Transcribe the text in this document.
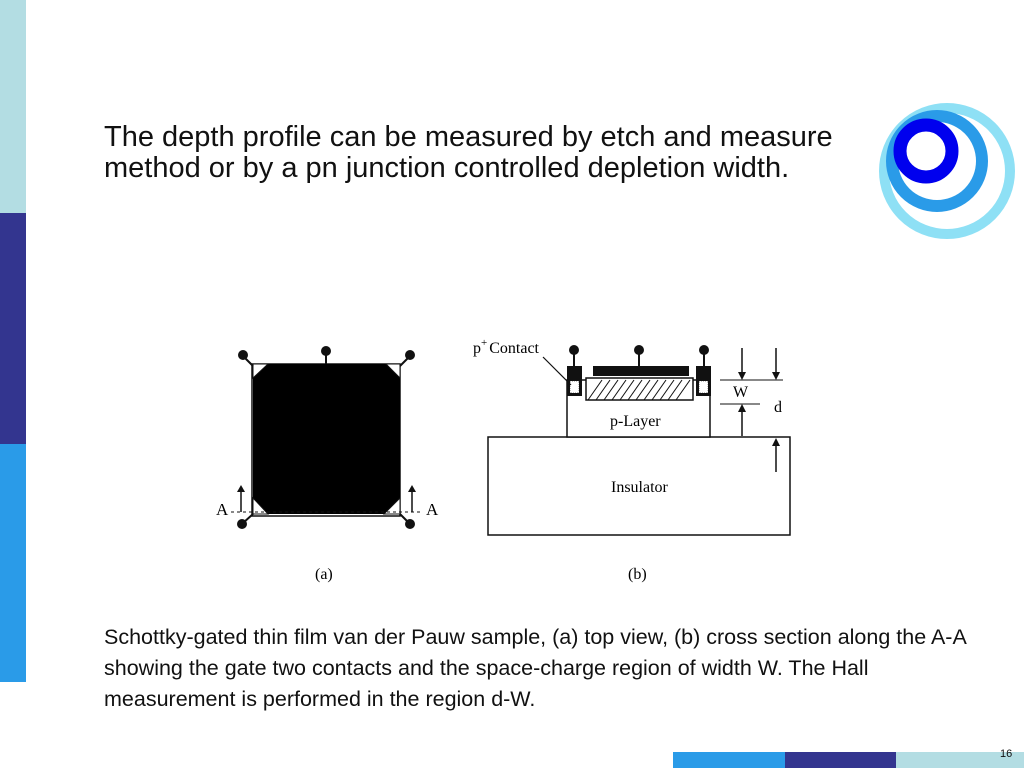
The depth profile can be measured by etch and measure method or by a pn junction controlled depletion width.
A	A
(a)
Insulator
p-Layer
p+ Contact
W
d
(b)

Schottky-gated thin film van der Pauw sample, (a) top view, (b) cross section along the A-A showing the gate two contacts and the space-charge region of width W. The Hall measurement is performed in the region d-W.

16
